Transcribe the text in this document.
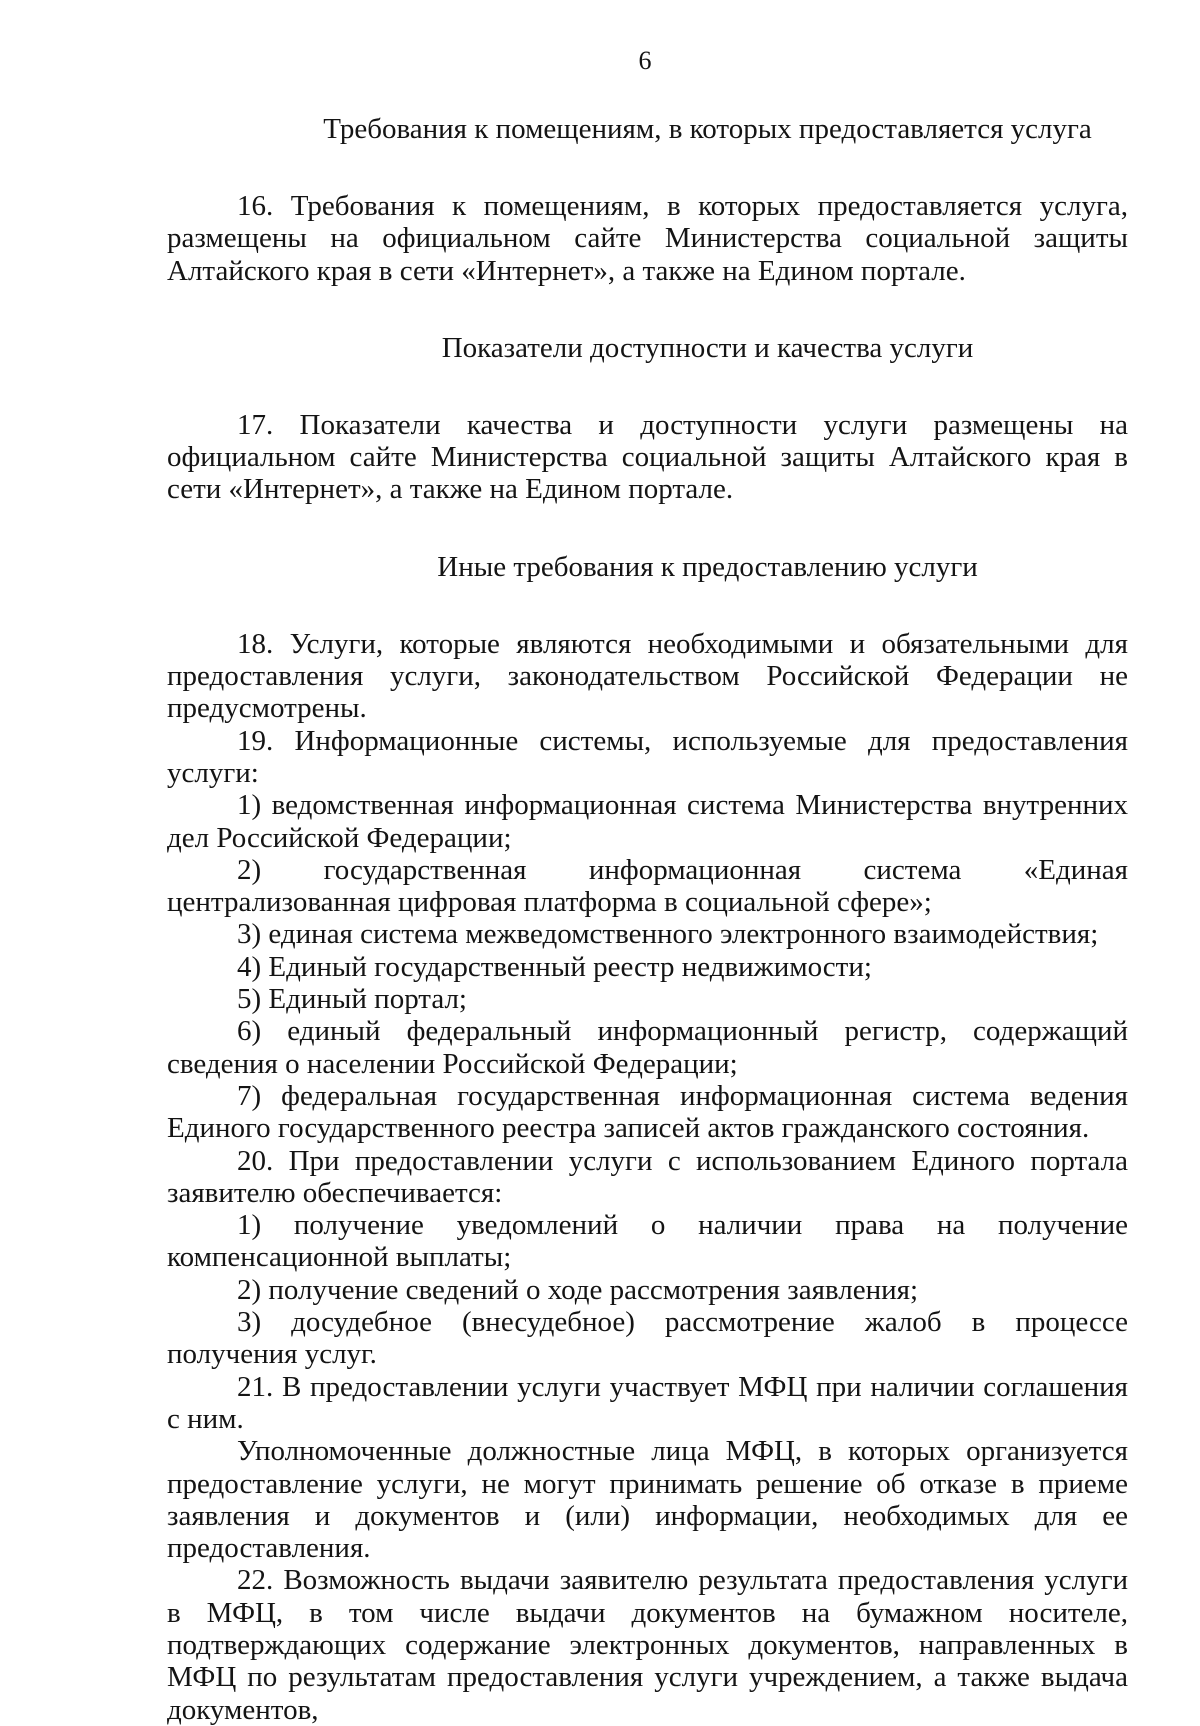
6

Требования к помещениям, в которых предоставляется услуга

16. Требования к помещениям, в которых предоставляется услуга, размещены на официальном сайте Министерства социальной защиты Алтайского края в сети «Интернет», а также на Едином портале.

Показатели доступности и качества услуги

17. Показатели качества и доступности услуги размещены на официальном сайте Министерства социальной защиты Алтайского края в сети «Интернет», а также на Едином портале.

Иные требования к предоставлению услуги

18. Услуги, которые являются необходимыми и обязательными для предоставления услуги, законодательством Российской Федерации не предусмотрены.

19. Информационные системы, используемые для предоставления услуги:

1) ведомственная информационная система Министерства внутренних дел Российской Федерации;

2) государственная информационная система «Единая централизованная цифровая платформа в социальной сфере»;

3) единая система межведомственного электронного взаимодействия;

4) Единый государственный реестр недвижимости;

5) Единый портал;

6) единый федеральный информационный регистр, содержащий сведения о населении Российской Федерации;

7) федеральная государственная информационная система ведения Единого государственного реестра записей актов гражданского состояния.

20. При предоставлении услуги с использованием Единого портала заявителю обеспечивается:

1) получение уведомлений о наличии права на получение компенсационной выплаты;

2) получение сведений о ходе рассмотрения заявления;

3) досудебное (внесудебное) рассмотрение жалоб в процессе получения услуг.

21. В предоставлении услуги участвует МФЦ при наличии соглашения с ним.

Уполномоченные должностные лица МФЦ, в которых организуется предоставление услуги, не могут принимать решение об отказе в приеме заявления и документов и (или) информации, необходимых для ее предоставления.

22. Возможность выдачи заявителю результата предоставления услуги в МФЦ, в том числе выдачи документов на бумажном носителе, подтверждающих содержание электронных документов, направленных в МФЦ по результатам предоставления услуги учреждением, а также выдача документов,
